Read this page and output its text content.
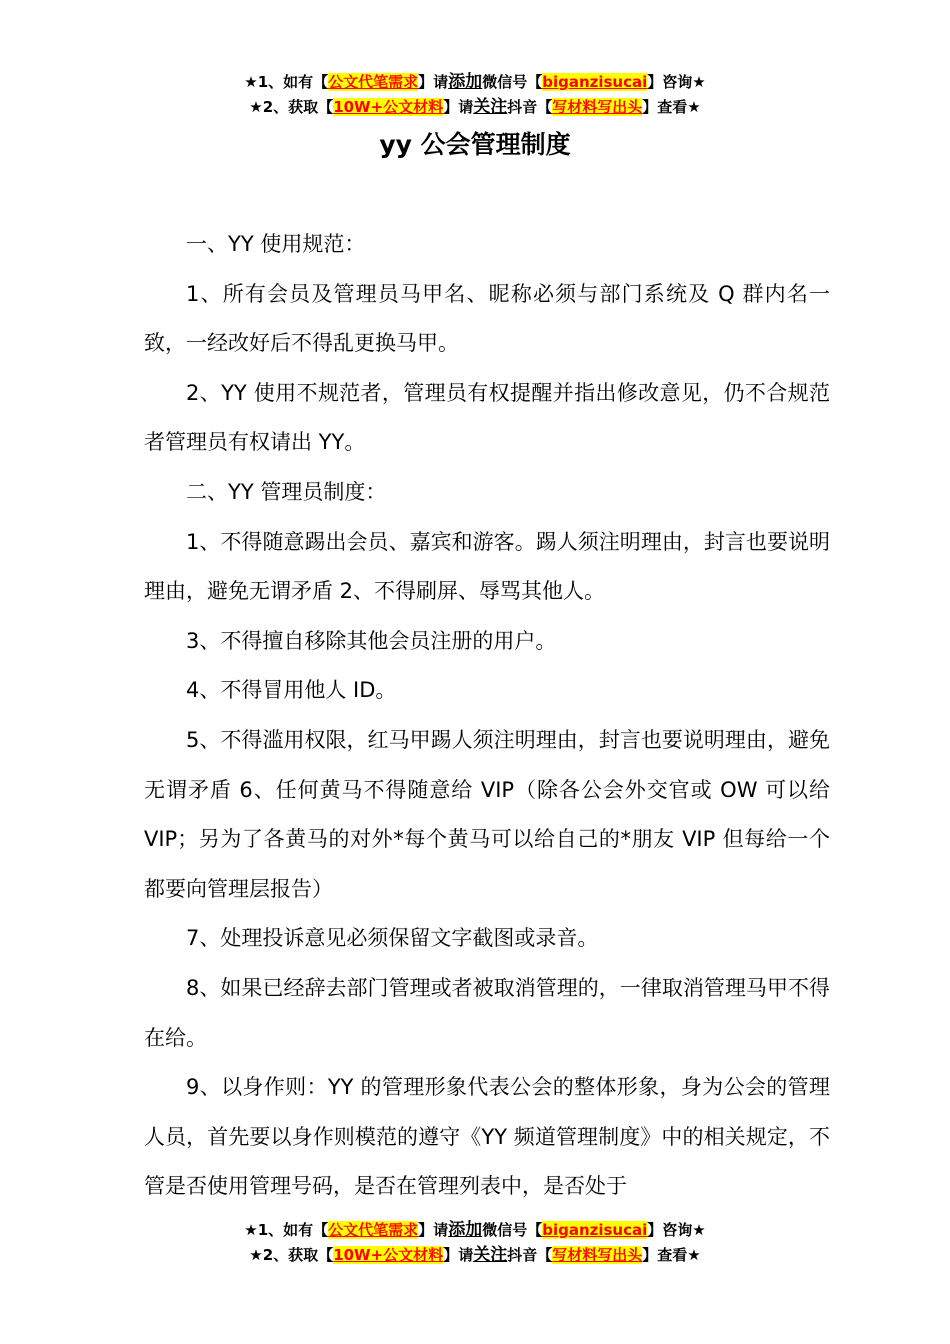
★1、如有【公文代笔需求】请添加微信号【biganzisucai】咨询★
★2、获取【10W+公文材料】请关注抖音【写材料写出头】查看★
yy 公会管理制度

一、YY 使用规范：

1、所有会员及管理员马甲名、昵称必须与部门系统及 Q 群内名一致，一经改好后不得乱更换马甲。

2、YY 使用不规范者，管理员有权提醒并指出修改意见，仍不合规范者管理员有权请出 YY。

二、YY 管理员制度：

1、不得随意踢出会员、嘉宾和游客。踢人须注明理由，封言也要说明理由，避免无谓矛盾 2、不得刷屏、辱骂其他人。

3、不得擅自移除其他会员注册的用户。

4、不得冒用他人 ID。

5、不得滥用权限，红马甲踢人须注明理由，封言也要说明理由，避免无谓矛盾 6、任何黄马不得随意给 VIP（除各公会外交官或 OW 可以给 VIP；另为了各黄马的对外*每个黄马可以给自己的*朋友 VIP 但每给一个都要向管理层报告）

7、处理投诉意见必须保留文字截图或录音。

8、如果已经辞去部门管理或者被取消管理的，一律取消管理马甲不得在给。

9、以身作则：YY 的管理形象代表公会的整体形象，身为公会的管理人员，首先要以身作则模范的遵守《YY 频道管理制度》中的相关规定，不管是否使用管理号码，是否在管理列表中，是否处于

★1、如有【公文代笔需求】请添加微信号【biganzisucai】咨询★
★2、获取【10W+公文材料】请关注抖音【写材料写出头】查看★
